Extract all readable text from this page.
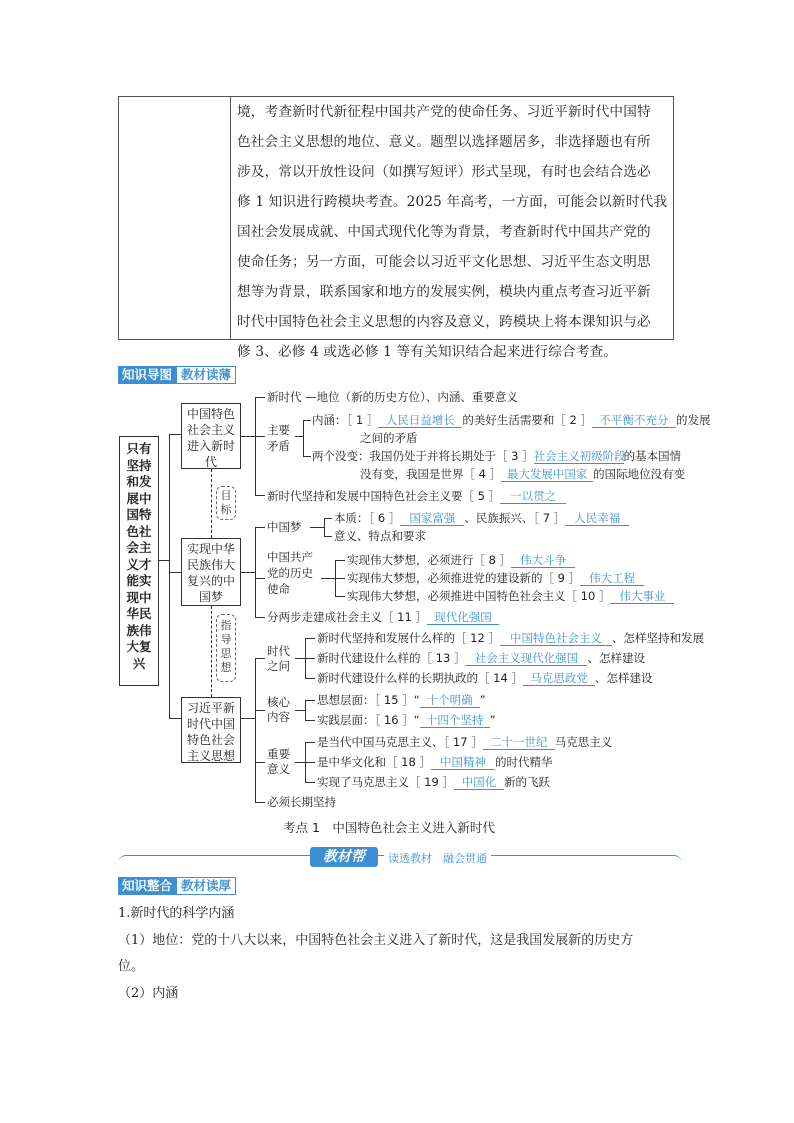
境，考查新时代新征程中国共产党的使命任务、习近平新时代中国特
色社会主义思想的地位、意义。题型以选择题居多，非选择题也有所
涉及，常以开放性设问（如撰写短评）形式呈现，有时也会结合选必
修 1 知识进行跨模块考查。2025 年高考，一方面，可能会以新时代我
国社会发展成就、中国式现代化等为背景，考查新时代中国共产党的
使命任务；另一方面，可能会以习近平文化思想、习近平生态文明思
想等为背景，联系国家和地方的发展实例，模块内重点考查习近平新
时代中国特色社会主义思想的内容及意义，跨模块上将本课知识与必
修 3、必修 4 或选必修 1 等有关知识结合起来进行综合考查。
知识导图 教材读薄
只有坚持和发展中国特色社会主义才能实现中华民族伟大复兴
中国特色社会主义进入新时代
实现中华民族伟大复兴的中国梦
习近平新时代中国特色社会主义思想
目标
指导思想
新时代 —地位（新的历史方位）、内涵、重要意义
主要矛盾
内涵：［ 1 ］ 人民日益增长 的美好生活需要和［ 2 ］ 不平衡不充分 的发展
之间的矛盾
两个没变：我国仍处于并将长期处于［ 3 ］社会主义初级阶段的基本国情
没有变，我国是世界［ 4 ］ 最大发展中国家 的国际地位没有变
新时代坚持和发展中国特色社会主义要［ 5 ］ 一以贯之
中国梦
本质：［ 6 ］ 国家富强 、民族振兴、［ 7 ］ 人民幸福
意义、特点和要求
中国共产党的历史使命
实现伟大梦想，必须进行［ 8 ］ 伟大斗争
实现伟大梦想，必须推进党的建设新的［ 9 ］ 伟大工程
实现伟大梦想，必须推进中国特色社会主义［ 10 ］ 伟大事业
分两步走建成社会主义［ 11 ］ 现代化强国
时代之问
新时代坚持和发展什么样的［ 12 ］ 中国特色社会主义 、怎样坚持和发展
新时代建设什么样的［ 13 ］ 社会主义现代化强国 、怎样建设
新时代建设什么样的长期执政的［ 14 ］ 马克思政党 、怎样建设
核心内容
思想层面：［ 15 ］“ 十个明确 ”
实践层面：［ 16 ］“ 十四个坚持 ”
重要意义
是当代中国马克思主义、［ 17 ］ 二十一世纪 马克思主义
是中华文化和［ 18 ］ 中国精神 的时代精华
实现了马克思主义［ 19 ］ 中国化 新的飞跃
必须长期坚持
考点 1　中国特色社会主义进入新时代
教材帮	读透教材　融会贯通
知识整合 教材读厚
1.新时代的科学内涵
（1）地位：党的十八大以来，中国特色社会主义进入了新时代，这是我国发展新的历史方
位。
（2）内涵
